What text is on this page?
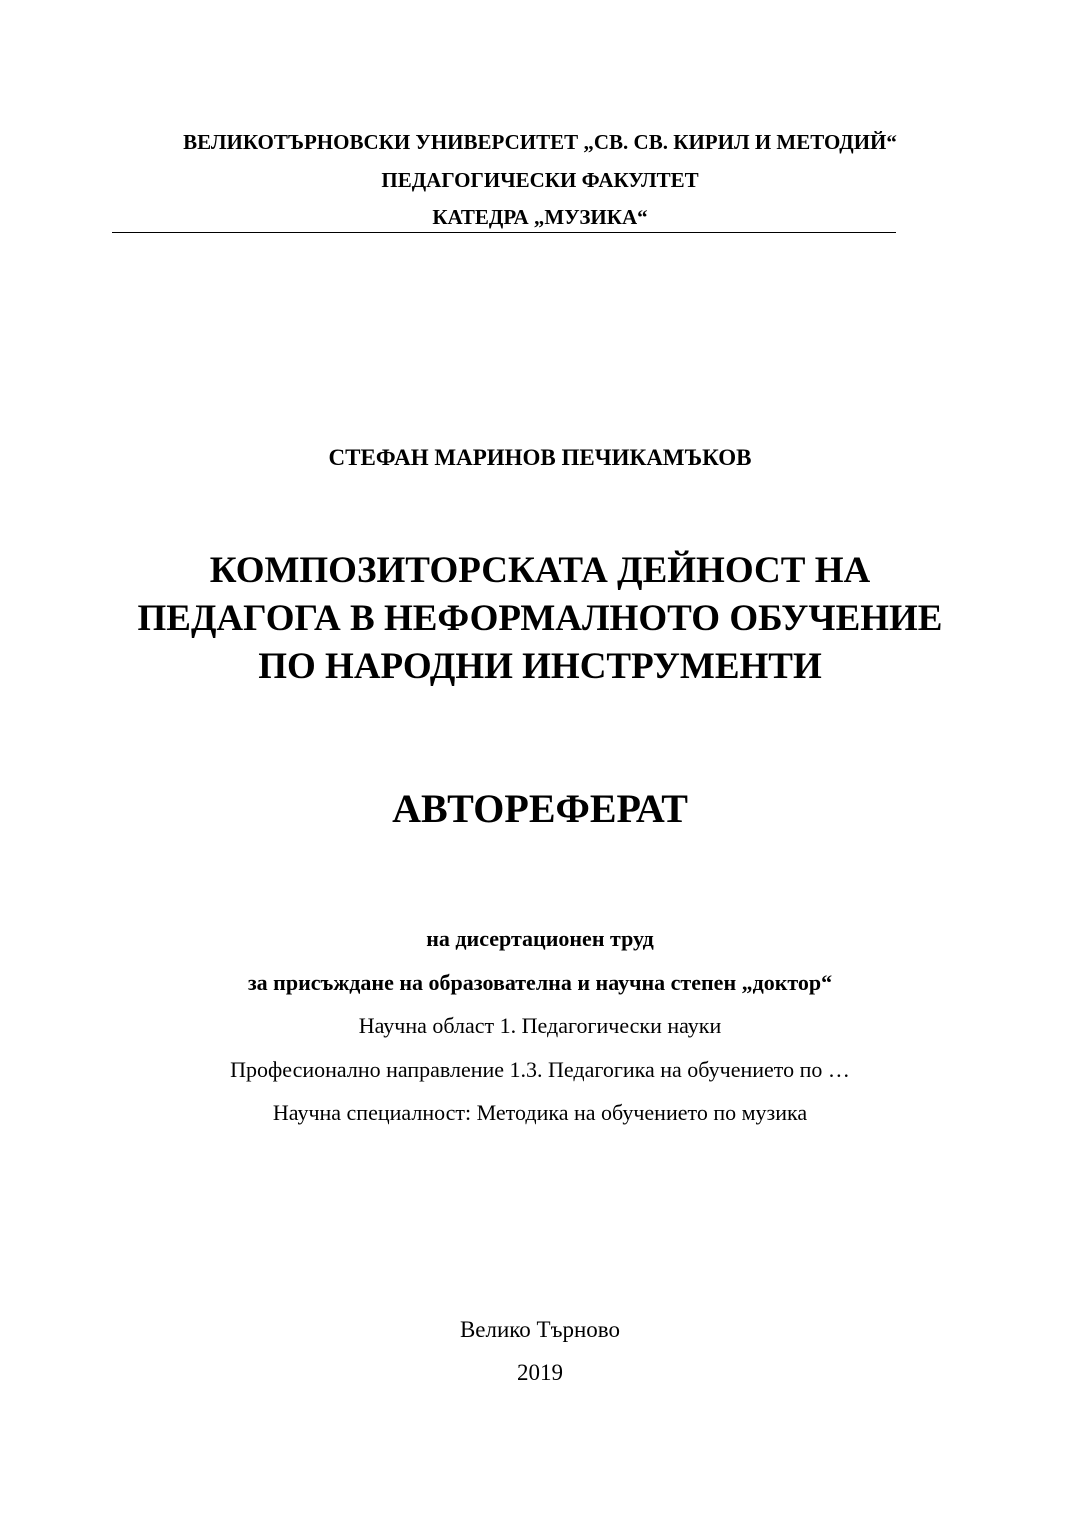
ВЕЛИКОТЪРНОВСКИ УНИВЕРСИТЕТ „СВ. СВ. КИРИЛ И МЕТОДИЙ“
ПЕДАГОГИЧЕСКИ ФАКУЛТЕТ
КАТЕДРА „МУЗИКА“
СТЕФАН МАРИНОВ ПЕЧИКАМЪКОВ
КОМПОЗИТОРСКАТА ДЕЙНОСТ НА
ПЕДАГОГА В НЕФОРМАЛНОТО ОБУЧЕНИЕ
ПО НАРОДНИ ИНСТРУМЕНТИ
АВТОРЕФЕРАТ
на дисертационен труд
за присъждане на образователна и научна степен „доктор“
Научна област 1. Педагогически науки
Професионално направление 1.3. Педагогика на обучението по …
Научна специалност: Методика на обучението по музика
Велико Търново
2019
